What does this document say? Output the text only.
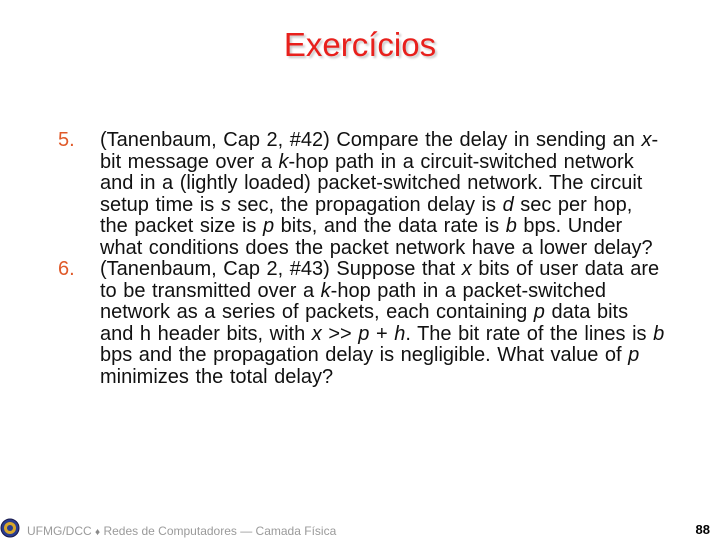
Exercícios
5.	(Tanenbaum, Cap 2, #42) Compare the delay in sending an x-bit message over a k-hop path in a circuit-switched network and in a (lightly loaded) packet-switched network. The circuit setup time is s sec, the propagation delay is d sec per hop, the packet size is p bits, and the data rate is b bps. Under what conditions does the packet network have a lower delay?
6.	(Tanenbaum, Cap 2, #43) Suppose that x bits of user data are to be transmitted over a k-hop path in a packet-switched network as a series of packets, each containing p data bits and h header bits, with x >> p + h. The bit rate of the lines is b bps and the propagation delay is negligible. What value of p minimizes the total delay?
UFMG/DCC ♦ Redes de Computadores ― Camada Física	88
